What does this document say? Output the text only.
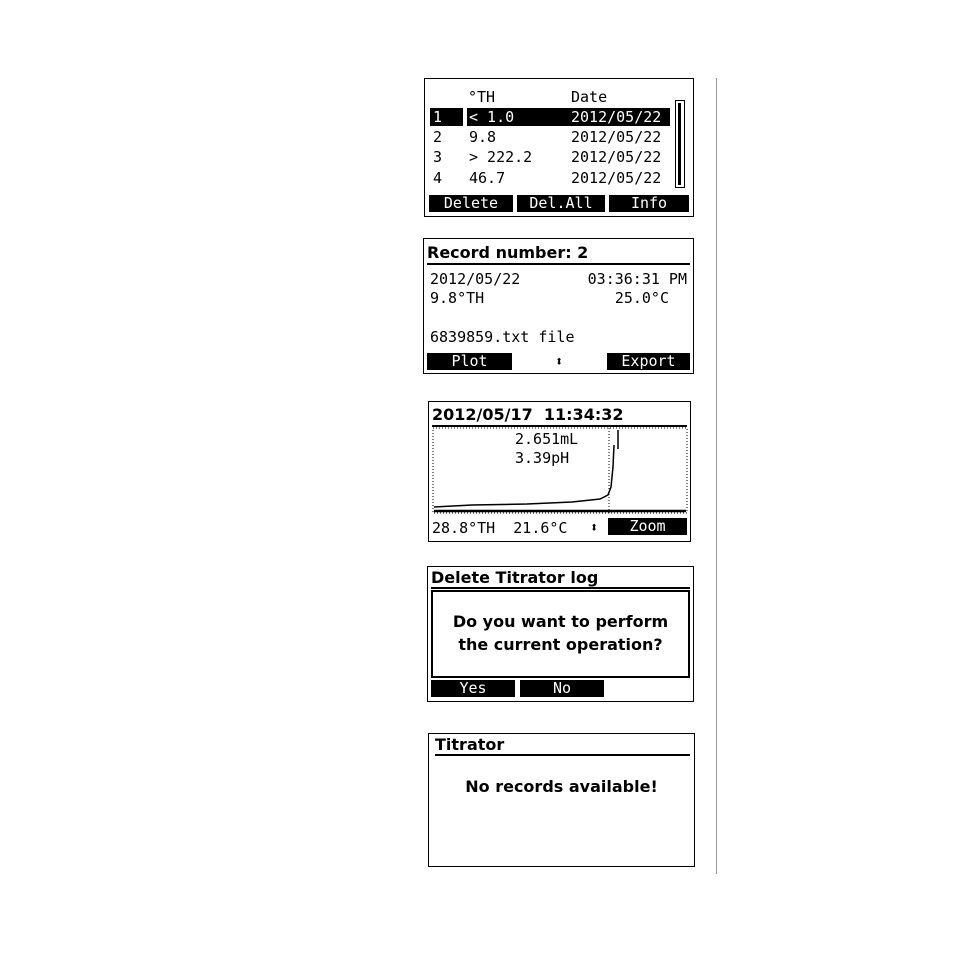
°TH	Date
1 < 1.0	2012/05/22
2 9.8	2012/05/22
3 > 222.2	2012/05/22
4 46.7	2012/05/22
Delete	Del.All	Info
Record number: 2
2012/05/22	03:36:31 PM
9.8°TH	25.0°C
6839859.txt file
Plot	⬍	Export
2012/05/17  11:34:32
2.651mL
3.39pH
28.8°TH  21.6°C ⬍	Zoom
Delete Titrator log
Do you want to perform
the current operation?
Yes	No
Titrator
No records available!
